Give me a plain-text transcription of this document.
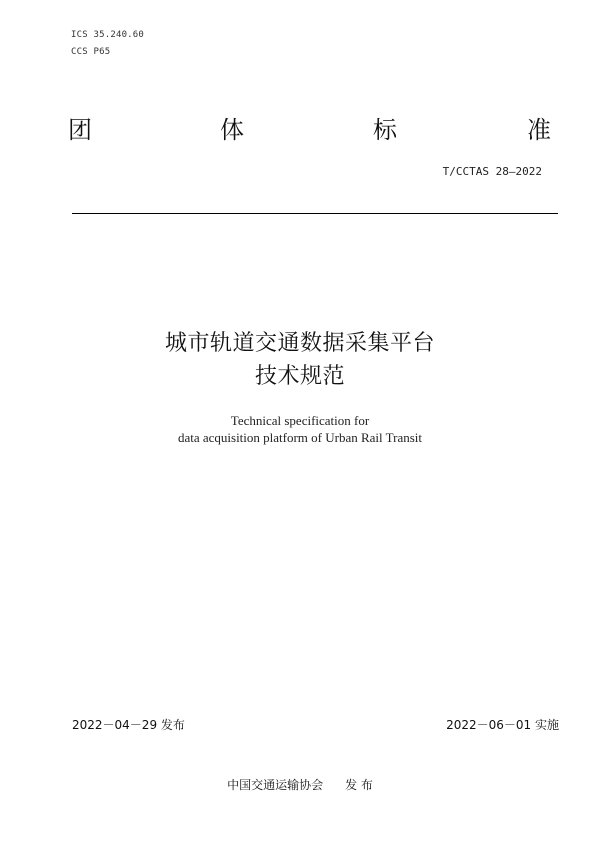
ICS 35.240.60
CCS P65
团	体	标	准
T/CCTAS 28—2022
城市轨道交通数据采集平台
技术规范
Technical specification for
data acquisition platform of Urban Rail Transit
2022－04－29 发布	2022－06－01 实施
中国交通运输协会 发 布
